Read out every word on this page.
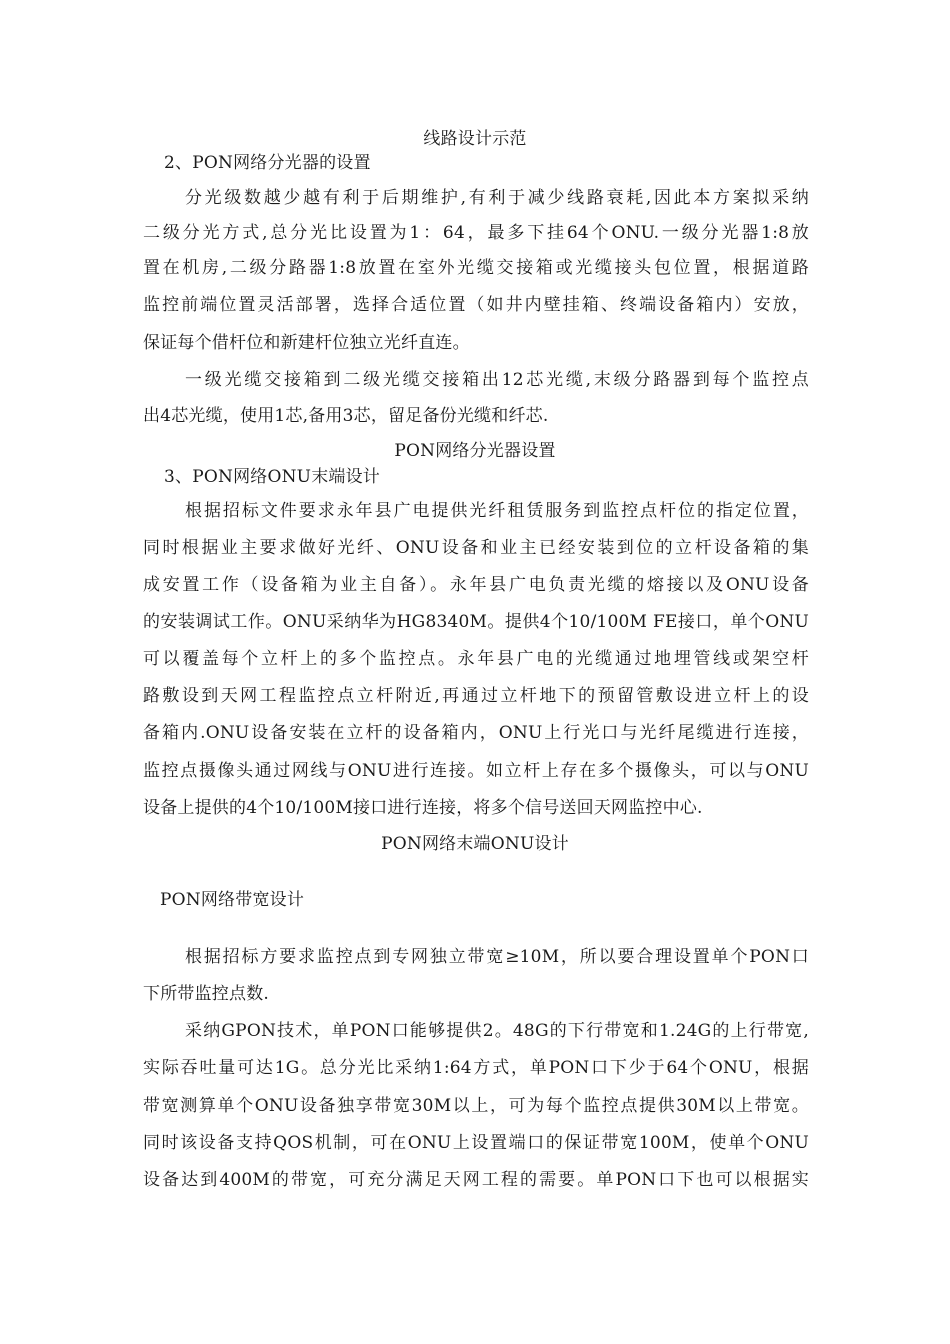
线路设计示范
2、PON网络分光器的设置
分光级数越少越有利于后期维护,有利于减少线路衰耗,因此本方案拟采纳
二级分光方式,总分光比设置为1：64，最多下挂64个ONU.一级分光器1:8放
置在机房,二级分路器1:8放置在室外光缆交接箱或光缆接头包位置，根据道路
监控前端位置灵活部署，选择合适位置（如井内壁挂箱、终端设备箱内）安放，
保证每个借杆位和新建杆位独立光纤直连。
一级光缆交接箱到二级光缆交接箱出12芯光缆,末级分路器到每个监控点
出4芯光缆，使用1芯,备用3芯，留足备份光缆和纤芯.
PON网络分光器设置
3、PON网络ONU末端设计
根据招标文件要求永年县广电提供光纤租赁服务到监控点杆位的指定位置，
同时根据业主要求做好光纤、ONU设备和业主已经安装到位的立杆设备箱的集
成安置工作（设备箱为业主自备）。永年县广电负责光缆的熔接以及ONU设备
的安装调试工作。ONU采纳华为HG8340M。提供4个10/100M FE接口，单个ONU
可以覆盖每个立杆上的多个监控点。永年县广电的光缆通过地埋管线或架空杆
路敷设到天网工程监控点立杆附近,再通过立杆地下的预留管敷设进立杆上的设
备箱内.ONU设备安装在立杆的设备箱内，ONU上行光口与光纤尾缆进行连接，
监控点摄像头通过网线与ONU进行连接。如立杆上存在多个摄像头，可以与ONU
设备上提供的4个10/100M接口进行连接，将多个信号送回天网监控中心.
PON网络末端ONU设计
PON网络带宽设计
根据招标方要求监控点到专网独立带宽≥10M，所以要合理设置单个PON口
下所带监控点数.
采纳GPON技术，单PON口能够提供2。48G的下行带宽和1.24G的上行带宽,
实际吞吐量可达1G。总分光比采纳1:64方式，单PON口下少于64个ONU，根据
带宽测算单个ONU设备独享带宽30M以上，可为每个监控点提供30M以上带宽。
同时该设备支持QOS机制，可在ONU上设置端口的保证带宽100M，使单个ONU
设备达到400M的带宽，可充分满足天网工程的需要。单PON口下也可以根据实
